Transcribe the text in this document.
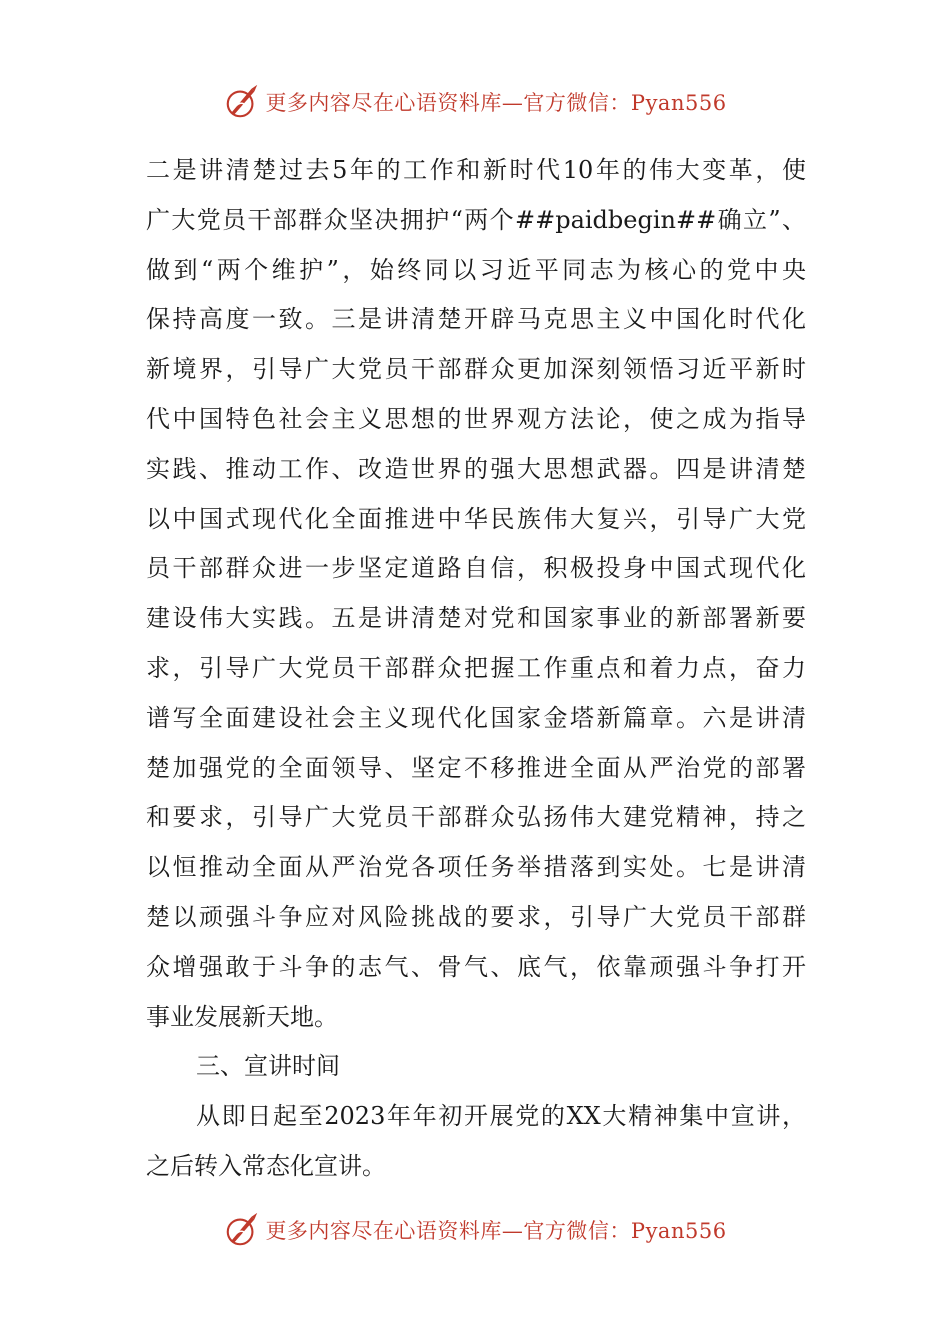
更多内容尽在心语资料库—官方微信：Pyan556
二是讲清楚过去5年的工作和新时代10年的伟大变革，使
广大党员干部群众坚决拥护“两个##paidbegin##确立”、
做到“两个维护”，始终同以习近平同志为核心的党中央
保持高度一致。三是讲清楚开辟马克思主义中国化时代化
新境界，引导广大党员干部群众更加深刻领悟习近平新时
代中国特色社会主义思想的世界观方法论，使之成为指导
实践、推动工作、改造世界的强大思想武器。四是讲清楚
以中国式现代化全面推进中华民族伟大复兴，引导广大党
员干部群众进一步坚定道路自信，积极投身中国式现代化
建设伟大实践。五是讲清楚对党和国家事业的新部署新要
求，引导广大党员干部群众把握工作重点和着力点，奋力
谱写全面建设社会主义现代化国家金塔新篇章。六是讲清
楚加强党的全面领导、坚定不移推进全面从严治党的部署
和要求，引导广大党员干部群众弘扬伟大建党精神，持之
以恒推动全面从严治党各项任务举措落到实处。七是讲清
楚以顽强斗争应对风险挑战的要求，引导广大党员干部群
众增强敢于斗争的志气、骨气、底气，依靠顽强斗争打开
事业发展新天地。
三、宣讲时间
从即日起至2023年年初开展党的XX大精神集中宣讲，
之后转入常态化宣讲。
更多内容尽在心语资料库—官方微信：Pyan556
